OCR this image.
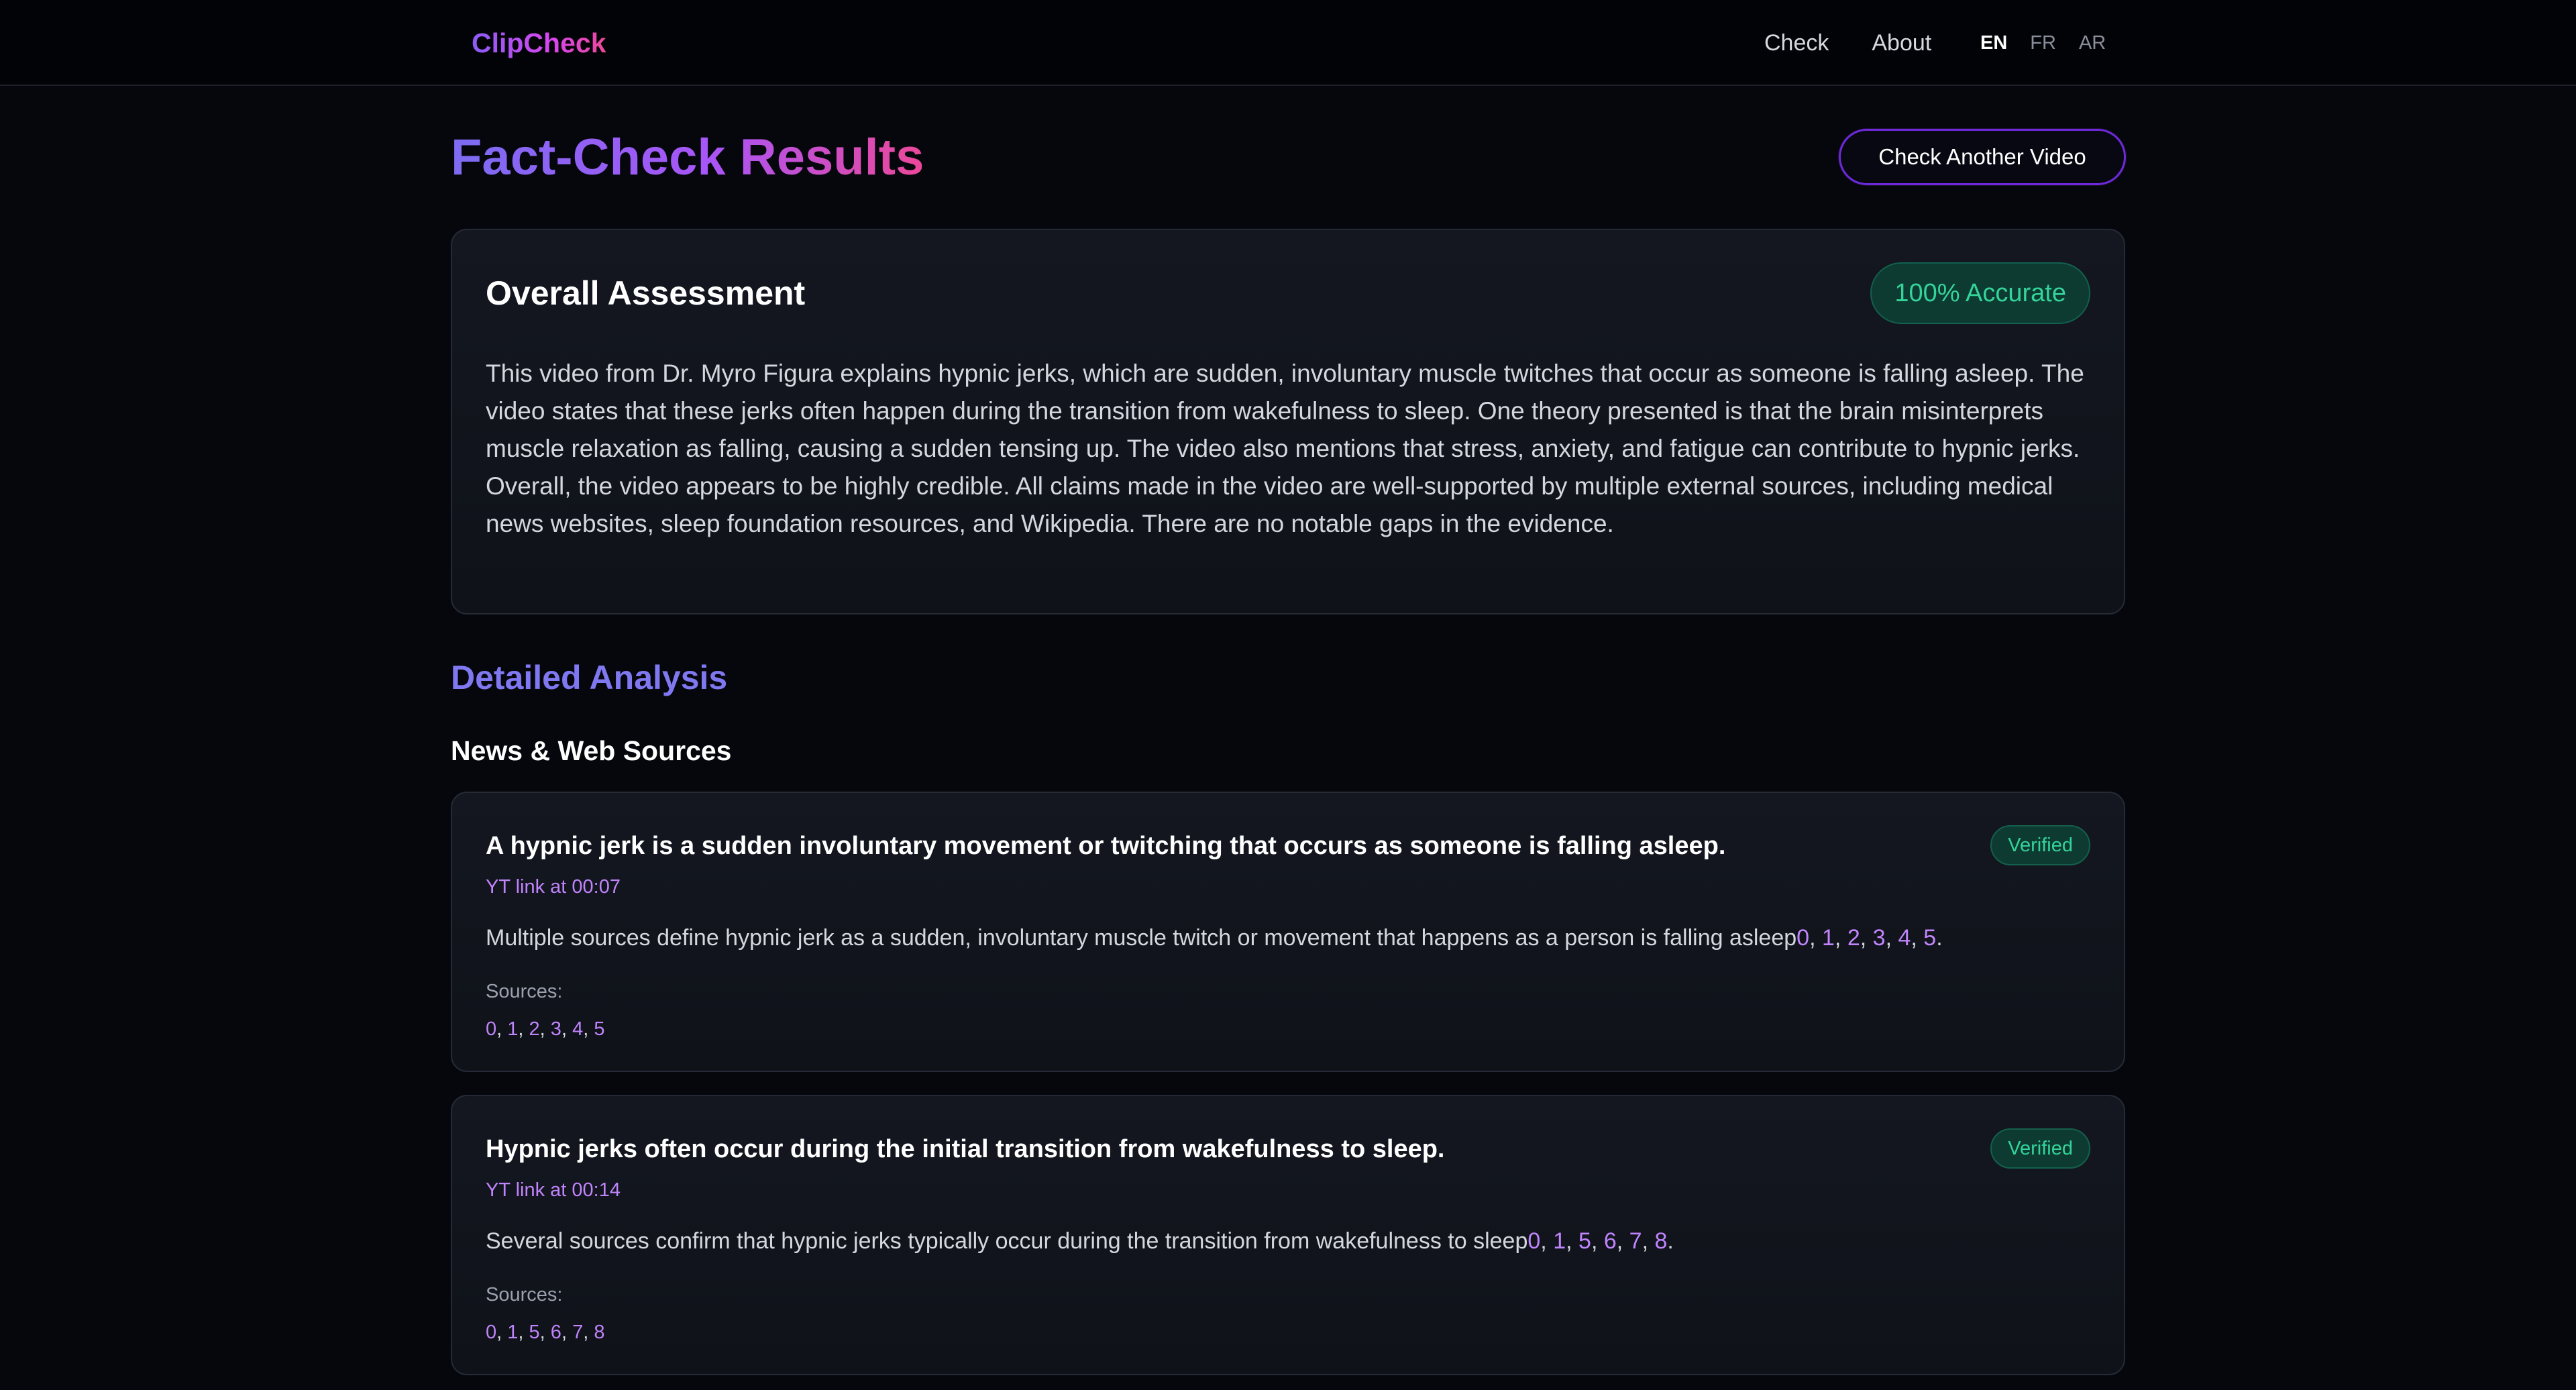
ClipCheck	Check About	EN FR AR
Fact-Check Results	Check Another Video
Overall Assessment	100% Accurate

This video from Dr. Myro Figura explains hypnic jerks, which are sudden, involuntary muscle twitches that occur as someone is falling asleep. The video states that these jerks often happen during the transition from wakefulness to sleep. One theory presented is that the brain misinterprets muscle relaxation as falling, causing a sudden tensing up. The video also mentions that stress, anxiety, and fatigue can contribute to hypnic jerks.

Overall, the video appears to be highly credible. All claims made in the video are well-supported by multiple external sources, including medical news websites, sleep foundation resources, and Wikipedia. There are no notable gaps in the evidence.

Detailed Analysis
News & Web Sources
A hypnic jerk is a sudden involuntary movement or twitching that occurs as someone is falling asleep.	Verified
YT link at 00:07
Multiple sources define hypnic jerk as a sudden, involuntary muscle twitch or movement that happens as a person is falling asleep0, 1, 2, 3, 4, 5.
Sources:
0, 1, 2, 3, 4, 5
Hypnic jerks often occur during the initial transition from wakefulness to sleep.	Verified
YT link at 00:14
Several sources confirm that hypnic jerks typically occur during the transition from wakefulness to sleep0, 1, 5, 6, 7, 8.
Sources:
0, 1, 5, 6, 7, 8
